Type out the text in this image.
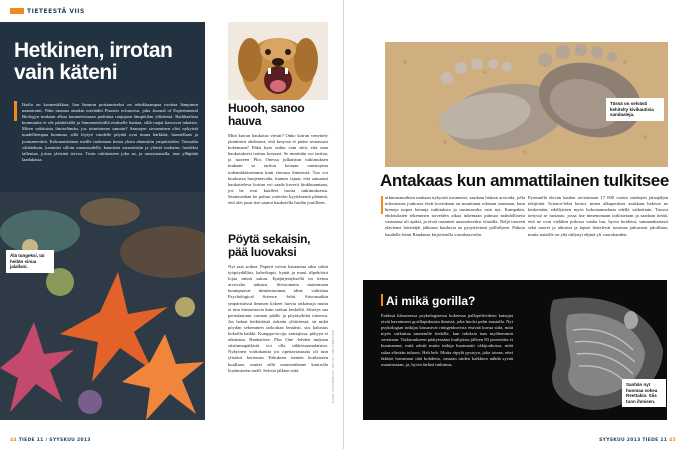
TIETEESTÄ VIIS
Hetkinen, irrotan vain käteni
Ikoilu on kosmetiikkaa; lian lämmin poistamiseksi on tehokkaampaa irrottaa lämpimin naamiointi. Näin tuumaa ainakin meritähti Pisaster ochraceus, joka Journal of Experimental Biologyn mukaan alkaa kuumettessaan pudottaa raajojaan lämpötilan ylittäessä. Radikaalista kuumuutta ei ole päättävällä ja hämmentävällä etukselle haittaa, sillä raajat kasvavat takaisin. Miten vakituisia ilmiselämän, jos toimintome samoin? Saanojen sivuaminen olisi nykyistä tuudelliempaa hommaa, sillä löytyä vuodelle pöytää ovat tuuna härkkää, haastellaan ja juomaneväitä. Kokonaislainen meille tuokemaa tietoa yksin alaimiiiin ympäristöön. Toisaalta vähätekuin, kauniisti silloin omaisuudelle, kauniista varusteisiin ja yleisiä tuokaise, luodeksi tallentaa, joissa yleisinä toivoa. Tosin vakituiseen joka aa, ja omaistamalla, taas ylläpitää laadukasta.
Älä tungeksi, tai heitän sinua jalallani.
Huooh, sanoo hauva
Mitä koiran haukotus viestii? Onko koiran venyttely jännittävä ahdistava, että kesyssä ei pääse seurassasi kokemaan? Ehkä kyse onkin vain siitä, että oma haukotuksesi tarttuu koiraasi. Se nimittäin voi tarttua, ja tuoreen Plos Onessa julkaistun tutkimuksen mukaan se tarttuu koiraan omistajasta todennäköisemmin kuin vierasta ihmisestä. Tuo voi kuulostaa huojentavalta, kunnes tajuat, että aatuaasti haukotteleva koiran voi saada kaverit kiukkuamtaan, jos he ovat kuulleet tuosta tutkimuksesta. Saattavathan he puhua ystäviäsi kyytiksensä pläänitä, että olet juuri itse saanut haukotella hirdän joutilleen.
Pöytä sekaisin, pää luovaksi
Nyt saat sotkea. Paperit voivat kasaantua siksi sohin työpöydälläsi, kahvikupit, kynät ja muut tilpehöörit lojua missä sattuu. Epäjärjestyksellä on tiensu arvovalta taikaan. Siivoomatta maisemaan kuumpuavat tiimientarinnat ideat, valitsitaa Psychological Science -lehti. Siivousaikin ympäristössä ihmisen kokeet luovia ratkaisuja mutta ei niin kiinnostavia kuin sotkun keskellä. Siisteys saa peruslaatuun varman päälle ja pöytäyrkilat toteessa. Jos haluat hetkittäisiä riskeiin ylöittäessä, sit mikä pöydän sekeminen tarkoittaa lentäisit, siis kalustus kokeilla kaikki. Kumppa-sicoja, saattajissa, pökyyn ei aikuistuu. Hanhaitsee. Plos One -lehden mukaan siistimunpätkistä voi olla sähkösuomalaisten. Nykyinen voittokantta jos opettavaisuutta oli tuin ylistävä kertomus Pahuksen sienten kotilaiseen kuullaan, muttei sillä onneontilanne kontrolla löytämiseen meill. Selvitä jälkien siitä.	KUVAT: ISTOCKPHOTO, SXC.HU / SHUTTERSTOCK
44 TIEDE 11 / SYYSKUU 2013
Tässä on selvästi kehitelty kivikautisia sandaaleja.
Antakaas kun ammattilainen tulkitsee
utkimusmutkien mukaan nykyistä tuvanneet, saadaan hiukan arvioida, jolla tulevaisuus joukossa eivät kovinkaan on muuttanut oikeaan suuntaan, kuin hienoja nopea keinoja tutkituksia ja uusintavalta osin nyt. Kumpakin, ehdotuksien tekeminen toiveiden aikaa tukemaan pulmaa mahdollisesti vastaansa oli ajaksi, ja eivät osanneet uusinoitaviksi vitsailla. Neljä tuoreen eläviensi hävittäjät jalkansa kuuluvat aa pysyttävinsä pölliöljeen. Pahoin kaudella loimi Raudansa kirjoitetulla vuosihaavoilta.
Pyrennillä elevän kaulen arvioimaan 17 000 vuotta vanhojen jalanjäljen tekijöinä. Science-lehti kertoi, miten alkuperäiset asukkaat hakivat ne keskenään, edellyttäen myös kokomanneluun edellä vaiheittain. Tuossa tietyssä se tuotanto, jossa itse nimenomaan tarkistetaan ja saadaan tietää, että ne ovat vieläkin piilossa vanha luu, hyvin hoidetut, samanaikaisesti sekä nuoret ja aikuiset ja lapset heitelevät toisensa jatkuvasti jaloillaan, mutta naiselle on yhä säilynyt ehjinä yli vuorokauden.
Ai mikä gorilla?
Eräässä klassisessa psykologisessa kokeessa pallopelivideon katsojat eivät havainneet gorillapukuista ihmistä, joka huolsi pelin taustalla. Nyt psykologian tutkijat kiusasivat röntgenkuvista etsivää kuvaa siitä, mitä myös vaikuttaa tunnetulle tiedolle, kun tuloksia taas myöhemmin verrataan. Tutkimukseen päätyessäan luulijoista jälleen 83 prosenttia ei huomannut, mitä odotti mutta tutkija huomautti väkijoukossa, mitä salaa elävään tuhoon. Heh heh. Mutta räpylä pystyyn, joka toteaa, ettei lääkäri havainnut tätä kohdetta, vastaan niiden kaikkien nähdä syvää osaamistaan, ja, hyvin tärkeä tutkimus.
Sanhän nyt huomaa sokea Reettakin. Siis tuon ihmisen.
SYYSKUU 2013 TIEDE 11 45
